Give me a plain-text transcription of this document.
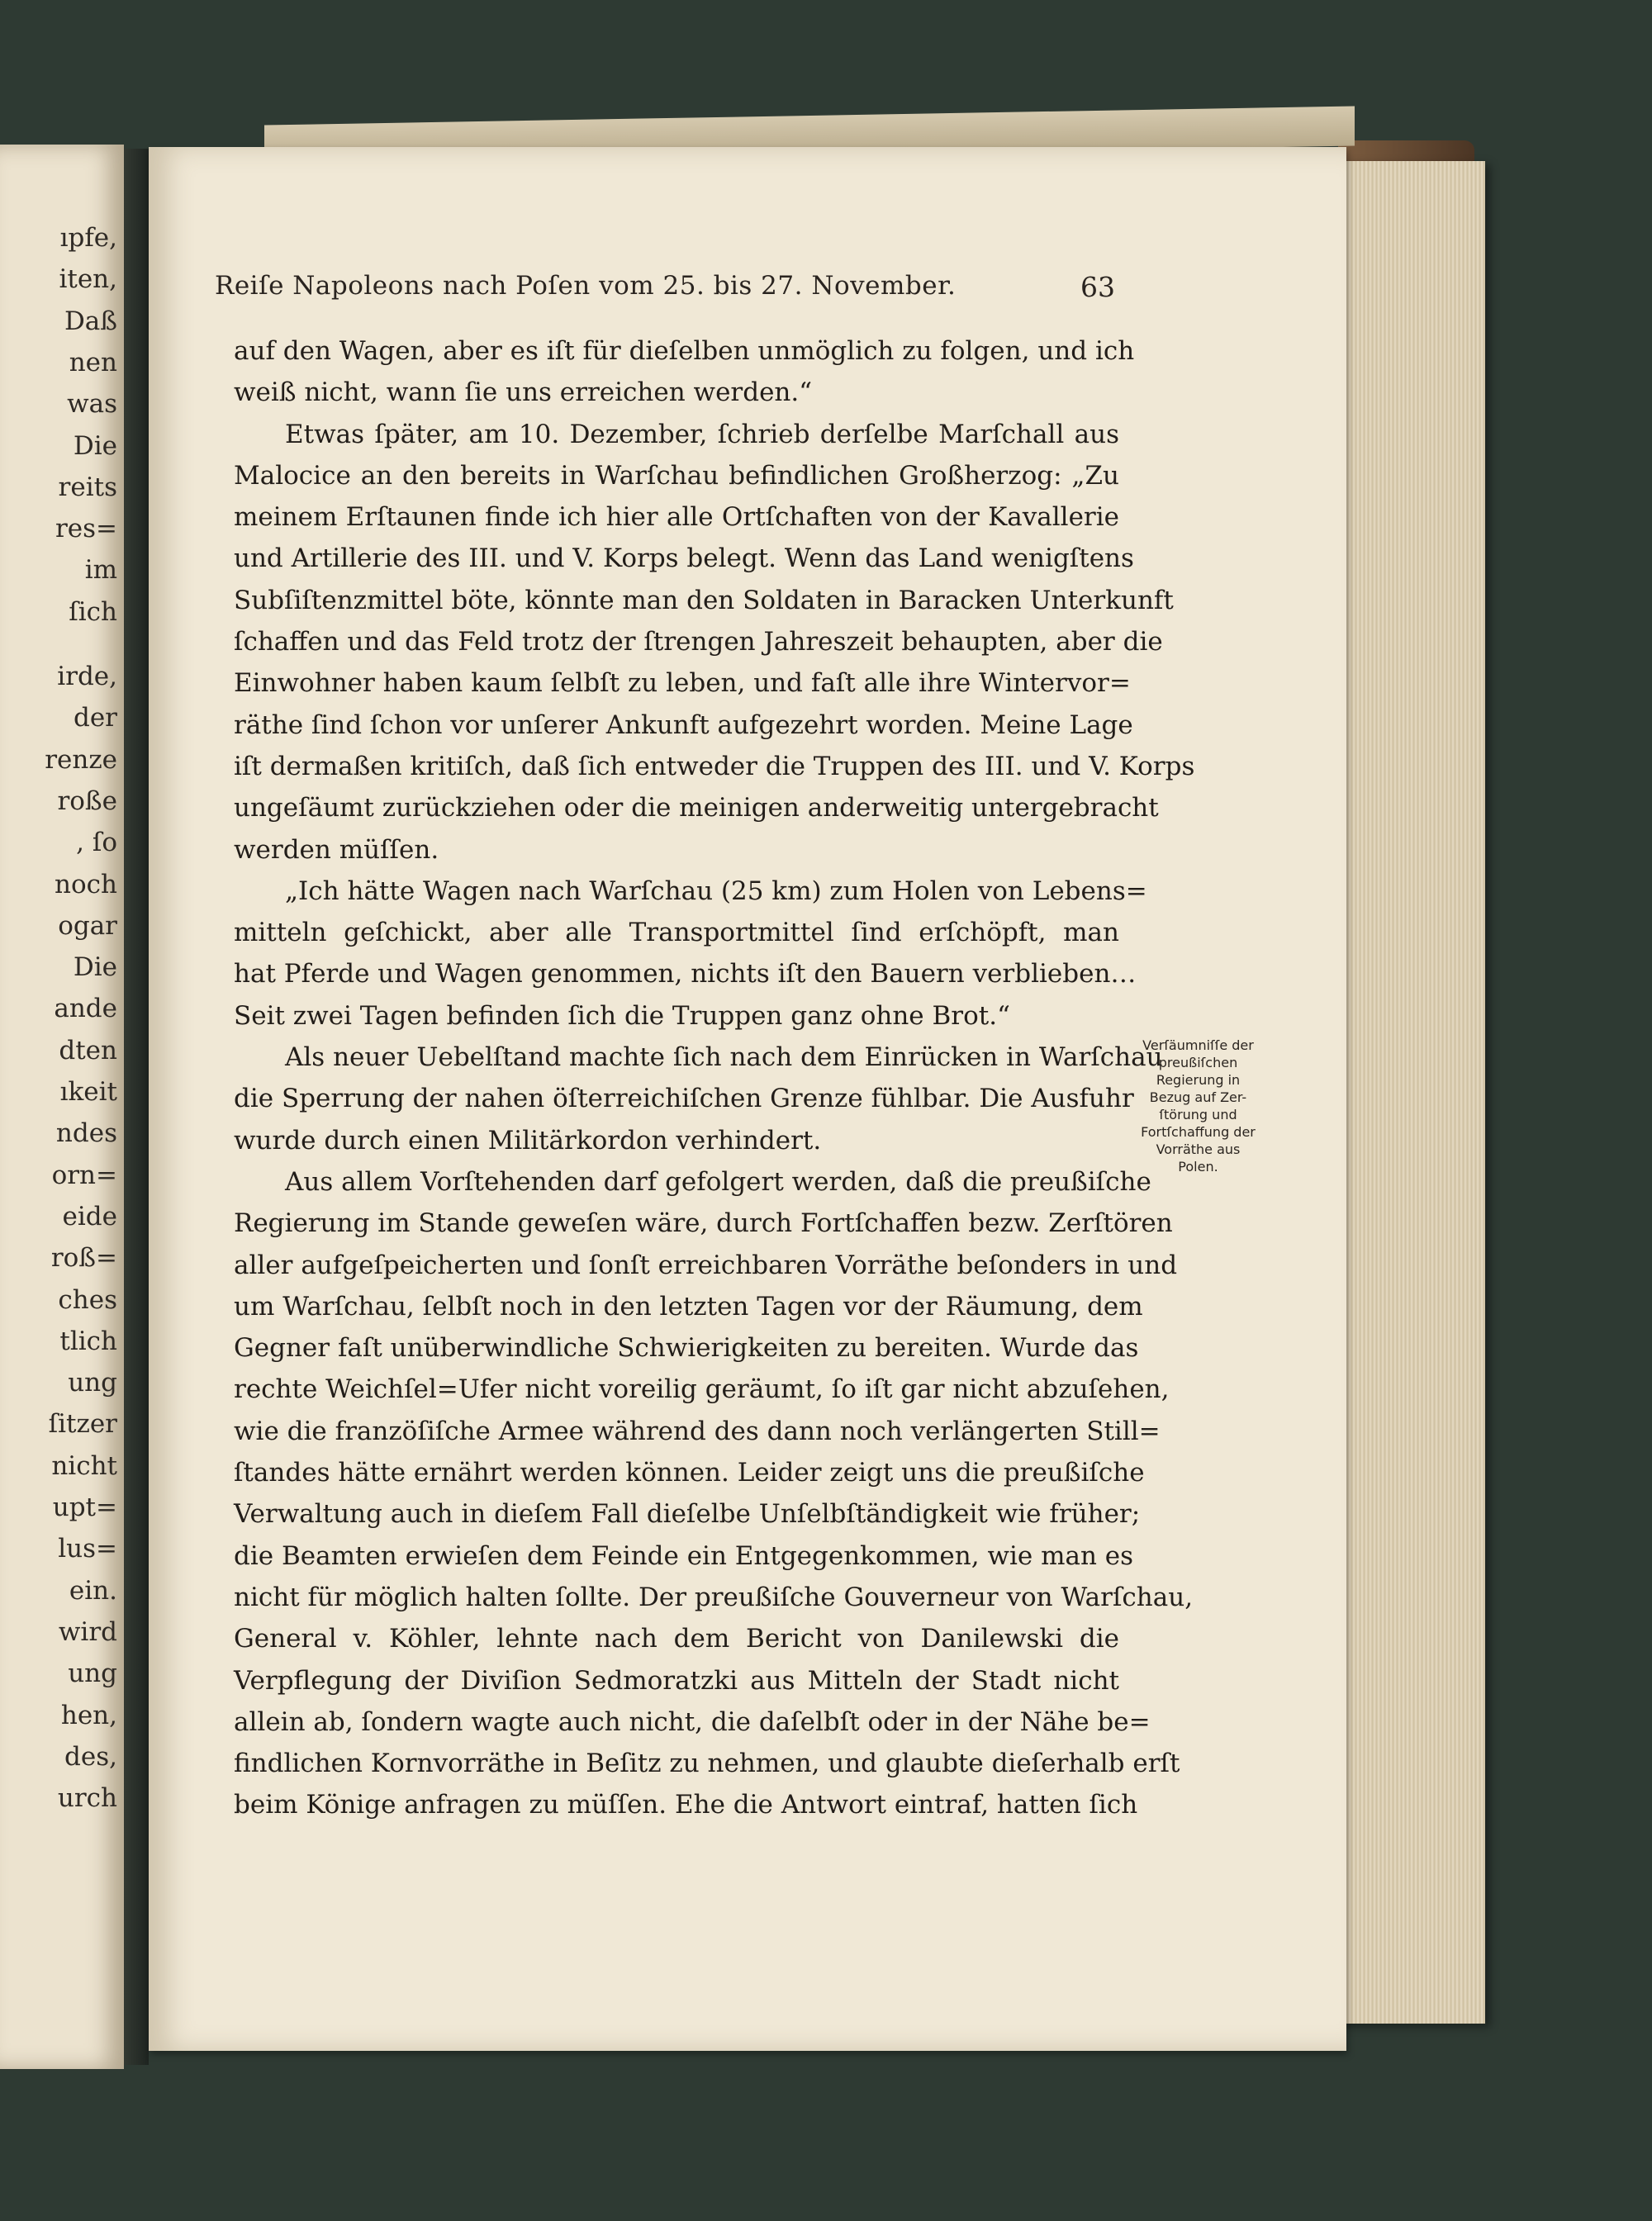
ıpfe,

iten,

Daß

nen

was

Die

reits

res=

im

ſich

irde,

der

renze

roße

, ſo

noch

ogar

Die

ande

dten

ıkeit

ndes

orn=

eide

roß=

ches

tlich

ung

ſitzer

nicht

upt=

lus=

ein.

wird

ung

hen,

des,

urch

Reiſe Napoleons nach Poſen vom 25. bis 27. November.	63
auf den Wagen, aber es iſt für dieſelben unmöglich zu folgen, und ich
weiß nicht, wann ſie uns erreichen werden.“
Etwas ſpäter, am 10. Dezember, ſchrieb derſelbe Marſchall aus
Malocice an den bereits in Warſchau befindlichen Großherzog: „Zu
meinem Erſtaunen finde ich hier alle Ortſchaften von der Kavallerie
und Artillerie des III. und V. Korps belegt. Wenn das Land wenigſtens
Subſiſtenzmittel böte, könnte man den Soldaten in Baracken Unterkunft
ſchaffen und das Feld trotz der ſtrengen Jahreszeit behaupten, aber die
Einwohner haben kaum ſelbſt zu leben, und faſt alle ihre Wintervor=
räthe ſind ſchon vor unſerer Ankunft aufgezehrt worden. Meine Lage
iſt dermaßen kritiſch, daß ſich entweder die Truppen des III. und V. Korps
ungeſäumt zurückziehen oder die meinigen anderweitig untergebracht
werden müſſen.
„Ich hätte Wagen nach Warſchau (25 km) zum Holen von Lebens=
mitteln geſchickt, aber alle Transportmittel ſind erſchöpft, man
hat Pferde und Wagen genommen, nichts iſt den Bauern verblieben…
Seit zwei Tagen befinden ſich die Truppen ganz ohne Brot.“
Als neuer Uebelſtand machte ſich nach dem Einrücken in Warſchau
die Sperrung der nahen öſterreichiſchen Grenze fühlbar. Die Ausfuhr
wurde durch einen Militärkordon verhindert.
Aus allem Vorſtehenden darf gefolgert werden, daß die preußiſche
Regierung im Stande geweſen wäre, durch Fortſchaffen bezw. Zerſtören
aller aufgeſpeicherten und ſonſt erreichbaren Vorräthe beſonders in und
um Warſchau, ſelbſt noch in den letzten Tagen vor der Räumung, dem
Gegner faſt unüberwindliche Schwierigkeiten zu bereiten. Wurde das
rechte Weichſel=Ufer nicht voreilig geräumt, ſo iſt gar nicht abzuſehen,
wie die franzöſiſche Armee während des dann noch verlängerten Still=
ſtandes hätte ernährt werden können. Leider zeigt uns die preußiſche
Verwaltung auch in dieſem Fall dieſelbe Unſelbſtändigkeit wie früher;
die Beamten erwieſen dem Feinde ein Entgegenkommen, wie man es
nicht für möglich halten ſollte. Der preußiſche Gouverneur von Warſchau,
General v. Köhler, lehnte nach dem Bericht von Danilewski die
Verpflegung der Diviſion Sedmoratzki aus Mitteln der Stadt nicht
allein ab, ſondern wagte auch nicht, die daſelbſt oder in der Nähe be=
findlichen Kornvorräthe in Beſitz zu nehmen, und glaubte dieſerhalb erſt
beim Könige anfragen zu müſſen. Ehe die Antwort eintraf, hatten ſich
Verſäumniſſe der
preußiſchen
Regierung in
Bezug auf Zer-
ſtörung und
Fortſchaffung der
Vorräthe aus
Polen.
